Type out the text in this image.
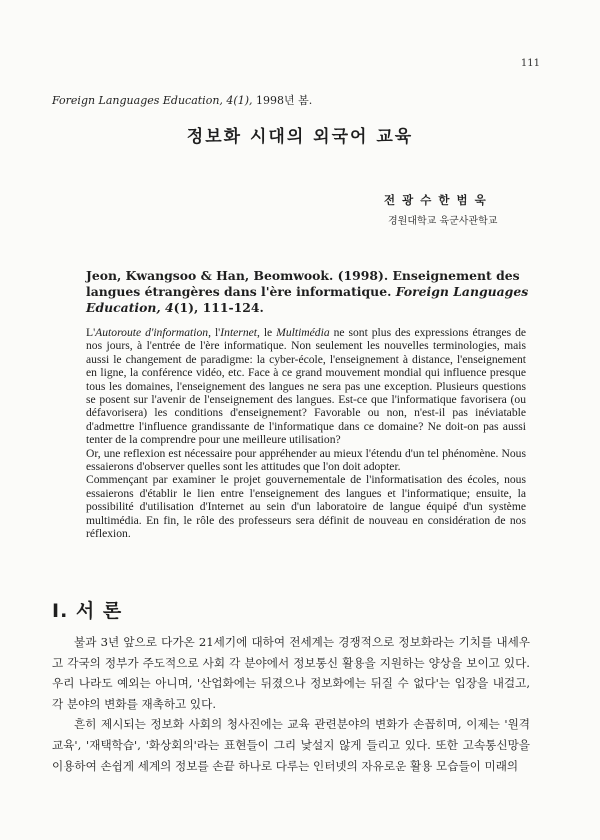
111
Foreign Languages Education, 4(1), 1998년 봄.
정보화 시대의 외국어 교육
전 광 수 한 범 욱
경원대학교 육군사관학교
Jeon, Kwangsoo & Han, Beomwook. (1998). Enseignement des langues étrangères dans l'ère informatique. Foreign Languages Education, 4(1), 111-124.

L'Autoroute d'information, l'Internet, le Multimédia ne sont plus des expressions étranges de nos jours, à l'entrée de l'ère informatique. Non seulement les nouvelles terminologies, mais aussi le changement de paradigme: la cyber-école, l'enseignement à distance, l'enseignement en ligne, la conférence vidéo, etc. Face à ce grand mouvement mondial qui influence presque tous les domaines, l'enseignement des langues ne sera pas une exception. Plusieurs questions se posent sur l'avenir de l'enseignement des langues. Est-ce que l'informatique favorisera (ou défavorisera) les conditions d'enseignement? Favorable ou non, n'est-il pas inéviatable d'admettre l'influence grandissante de l'informatique dans ce domaine? Ne doit-on pas aussi tenter de la comprendre pour une meilleure utilisation?

Or, une reflexion est nécessaire pour appréhender au mieux l'étendu d'un tel phénomène. Nous essaierons d'observer quelles sont les attitudes que l'on doit adopter.

Commençant par examiner le projet gouvernementale de l'informatisation des écoles, nous essaierons d'établir le lien entre l'enseignement des langues et l'informatique; ensuite, la possibilité d'utilisation d'Internet au sein d'un laboratoire de langue équipé d'un système multimédia. En fin, le rôle des professeurs sera définit de nouveau en considération de nos réflexion.

I. 서 론

불과 3년 앞으로 다가온 21세기에 대하여 전세계는 경쟁적으로 정보화라는 기치를 내세우고 각국의 정부가 주도적으로 사회 각 분야에서 정보통신 활용을 지원하는 양상을 보이고 있다. 우리 나라도 예외는 아니며, '산업화에는 뒤졌으나 정보화에는 뒤질 수 없다'는 입장을 내걸고, 각 분야의 변화를 재촉하고 있다.

흔히 제시되는 정보화 사회의 청사진에는 교육 관련분야의 변화가 손꼽히며, 이제는 '원격교육', '재택학습', '화상회의'라는 표현들이 그리 낯설지 않게 들리고 있다. 또한 고속통신망을 이용하여 손쉽게 세계의 정보를 손끝 하나로 다루는 인터넷의 자유로운 활용 모습들이 미래의
